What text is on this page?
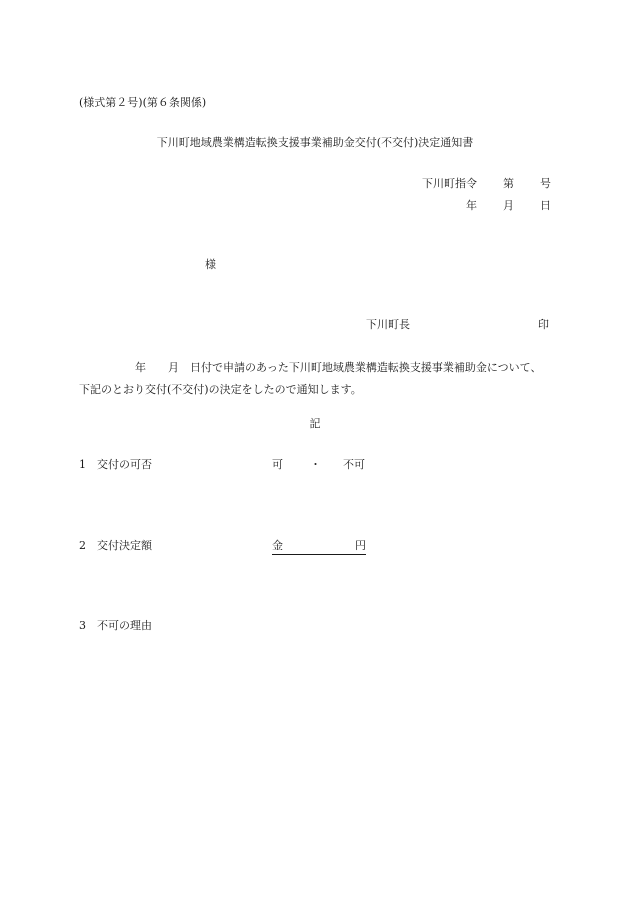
(様式第２号)(第６条関係)
下川町地域農業構造転換支援事業補助金交付(不交付)決定通知書
下川町指令 第 号
年 月 日
様
下川町長	印
年　　月　日付で申請のあった下川町地域農業構造転換支援事業補助金について、下記のとおり交付(不交付)の決定をしたので通知します。
記
1 交付の可否	可 ・ 不可
2 交付決定額	金	円
3 不可の理由
